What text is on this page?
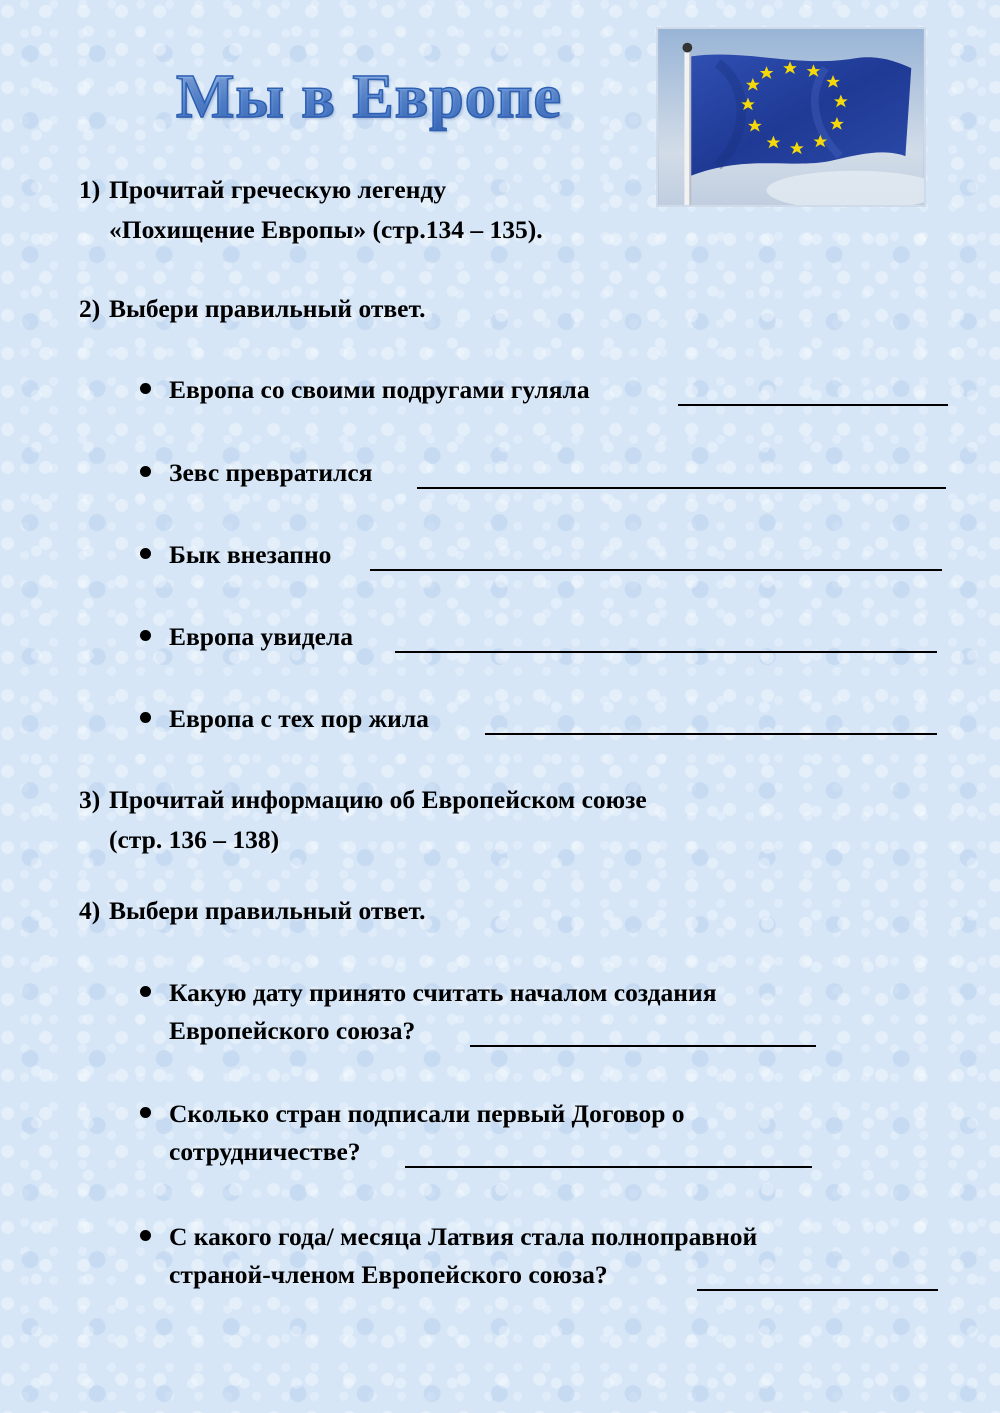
Мы в Европе
1) Прочитай греческую легенду
«Похищение Европы» (стр.134 – 135).
2) Выбери правильный ответ.
Европа со своими подругами гуляла
Зевс превратился
Бык внезапно
Европа увидела
Европа с тех пор жила
3) Прочитай информацию об Европейском союзе
(стр. 136 – 138)
4) Выбери правильный ответ.
Какую дату принято считать началом создания
Европейского союза?
Сколько стран подписали первый Договор о
сотрудничестве?
С какого года/ месяца Латвия стала полноправной
страной-членом Европейского союза?
